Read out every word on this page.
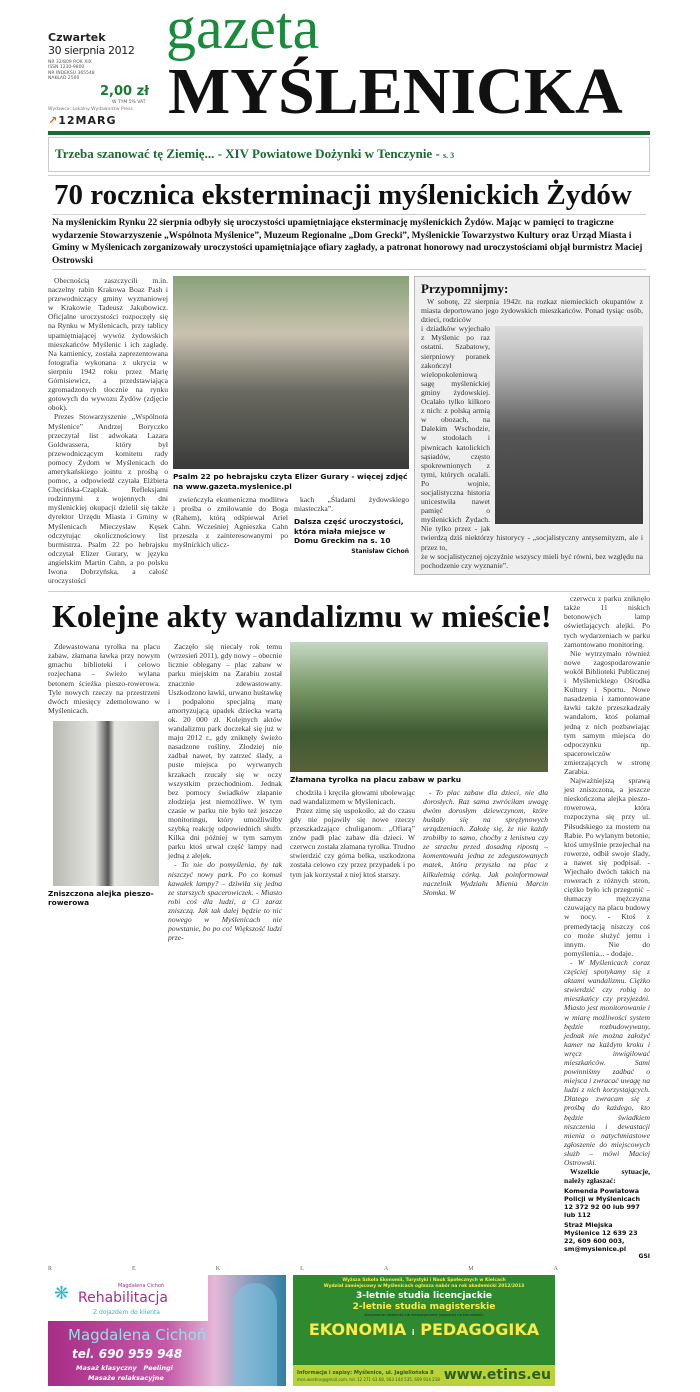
Czwartek
30 sierpnia 2012
NR 32/809 ROK XIX
ISSN 1230-9800
NR INDEKSU 365548
NAKŁAD 2500
2,00 zł
W TYM 5% VAT
Wydawca: Lokalny Wydawnictw Press
↗12MARG
gazeta
MYŚLENICKA
Trzeba szanować tę Ziemię... - XIV Powiatowe Dożynki w Tenczynie - s. 3
70 rocznica eksterminacji myślenickich Żydów
Na myślenickim Rynku 22 sierpnia odbyły się uroczystości upamiętniające eksterminację myślenickich Żydów. Mając w pamięci to tragiczne wydarzenie Stowarzyszenie „Wspólnota Myślenice”, Muzeum Regionalne „Dom Grecki”, Myślenickie Towarzystwo Kultury oraz Urząd Miasta i Gminy w Myślenicach zorganizowały uroczystości upamiętniające ofiary zagłady, a patronat honorowy nad uroczystościami objął burmistrz Maciej Ostrowski

Obecnością zaszczycili m.in. naczelny rabin Krakowa Boaz Pash i przewodniczący gminy wyznaniowej w Krakowie Tadeusz Jakubowicz. Oficjalne uroczystości rozpoczęły się na Rynku w Myślenicach, przy tablicy upamiętniającej wywóz żydowskich mieszkańców Myślenic i ich zagładę. Na kamienicy, została zaprezentowana fotografia wykonana z ukrycia w sierpniu 1942 roku przez Marię Górnisiewicz, a przedstawiająca zgromadzonych tłocznie na rynku gotowych do wywozu Żydów (zdjęcie obok).

Prezes Stowarzyszenie „Wspólnota Myślenice” Andrzej Boryczko przeczytał list adwokata Lazara Goldwassera, który był przewodniczącym komitetu rady pomocy Żydom w Myślenicach do amerykańskiego jointu z prośbą o pomoc, a odpowiedź czytała Elżbieta Chęcińska-Czaplak. Refleksjami rodzinnymi z wojennych dni myślenickiej okupacji dzielił się także dyrektor Urzędu Miasta i Gminy w Myślenicach Mieczysław Kęsek odczytując okolicznościowy list burmistrza. Psalm 22 po hebrajsku odczytał Elizer Gurary, w języku angielskim Martin Cahn, a po polsku Iwona Dobrzyńska, a całość uroczystości

Psalm 22 po hebrajsku czyta Elizer Gurary - więcej zdjęć na www.gazeta.myslenice.pl

zwieńczyła ekumeniczna modlitwa i prośba o zmiłowanie do Boga (Rahem), którą odśpiewał Ariel Cahn. Wcześniej Agnieszka Cahn przeszła z zainteresowanymi po myślnickich ulicz-

kach „Śladami żydowskiego miasteczka”.

Dalsza część uroczystości, która miała miejsce w Domu Greckim na s. 10

Stanisław Cichoń

Przypomnijmy:

W sobotę, 22 sierpnia 1942r. na rozkaz niemieckich okupantów z miasta deportowano jego żydowskich mieszkańców. Ponad tysiąc osób, dzieci, rodziców

i dziadków wyjechało z Myślenic po raz ostatni. Szabatowy, sierpniowy poranek zakończył wielopokoleniową sagę myślenickiej gminy żydowskiej. Ocalało tylko kilkoro z nich: z polską armią w obozach, na Dalekim Wschodzie, w stodołach i piwnicach katolickich sąsiadów, często spokrewnionych z tymi, których ocalali. Po wojnie, socjalistyczna historia unicestwiła nawet pamięć o myślenickich Żydach. Nie tylko przez - jak twierdzą dziś niektórzy historycy - „socjalistyczny antysemityzm, ale i przez to,

że w socjalistycznej ojczyźnie wszyscy mieli być równi, bez względu na pochodzenie czy wyznanie”.

Kolejne akty wandalizmu w mieście!

Zdewastowana tyrolka na placu zabaw, złamana ławka przy nowym gmachu biblioteki i celowo rozjechana - świeżo wylana betonem ścieżka pieszo-rowerowa. Tyle nowych rzeczy na przestrzeni dwóch miesięcy zdemolowano w Myślenicach.

Zniszczona alejka pieszo-rowerowa

Zaczęło się niecały rok temu (wrzesień 2011), gdy nowy – obecnie licznie oblegany – plac zabaw w parku miejskim na Zarabiu został znacznie zdewastowany. Uszkodzono ławki, urwano huśtawkę i podpalono specjalną matę amortyzującą upadek dziecka wartą ok. 20 000 zł. Kolejnych aktów wandalizmu park doczekał się już w maju 2012 r., gdy zniknęły świeżo nasadzone rośliny. Złodziej nie zadbał nawet, by zatrzeć ślady, a puste miejsca po wyrwanych krzakach rzucały się w oczy wszystkim przechodniom. Jednak bez pomocy świadków złapanie złodzieja jest niemożliwe. W tym czasie w parku nie było też jeszcze monitoringu, który umożliwiłby szybką reakcję odpowiednich służb. Kilka dni później w tym samym parku ktoś urwał część lampy nad jedną z alejek.

- To nie do pomyślenia, by tak niszczyć nowy park. Po co komuś kawałek lampy? – dziwiła się jedna ze starszych spacerowiczek. - Miasto robi coś dla ludzi, a Ci zaraz zniszczą. Jak tak dalej będzie to nic nowego w Myślenicach nie powstanie, bo po co! Większość ludzi prze-

Złamana tyrolka na placu zabaw w parku

chodziła i kręciła głowami ubolewając nad wandalizmem w Myślenicach.

Przez zimę się uspokoiło, aż do czasu gdy nie pojawiły się nowe rzeczy przeszkadzające chuliganom. „Ofiarą” znów padł plac zabaw dla dzieci. W czerwcu została złamana tyrolka. Trudno stwierdzić czy górna belka, uszkodzona została celowo czy przez przypadek i po tym jak korzystał z niej ktoś starszy.

- To plac zabaw dla dzieci, nie dla dorosłych. Raz sama zwróciłam uwagę dwóm dorosłym dziewczynom, które huśtały się na sprężynowych urządzeniach. Założę się, że nie każdy zrobiłby to samo, choćby z lenistwa czy ze strachu przed dosadną ripostą – komentowała jedna ze zdegustowanych matek, która przyszła na plac z kilkuletnią córką. Jak poinformował naczelnik Wydziału Mienia Marcin Słomka. W

czerwcu z parku zniknęło także 11 niskich betonowych lamp oświetlających alejki. Po tych wydarzeniach w parku zamontowano monitoring.

Nie wytrzymało również nowe zagospodarowanie wokół Biblioteki Publicznej i Myślenickiego Ośrodka Kultury i Sportu. Nowe nasadzenia i zamontowane ławki także przeszkadzały wandalom, ktoś połamał jedną z nich pozbawiając tym samym miejsca do odpoczynku np. spacerowiczów zmierzających w stronę Zarabia.

Najważniejszą sprawą jest zniszczona, a jeszcze nieskończona alejka pieszo-rowerowa, która rozpoczyna się przy ul. Piłsudskiego za mostem na Rabie. Po wylanym betonie, ktoś umyślnie przejechał na rowerze, odbił swoje ślady, a nawet się podpisał. - Wjechało dwóch takich na rowerach z różnych stron, ciężko było ich przegonić – tłumaczy mężczyzna czuwający na placu budowy w nocy. - Ktoś z premedytacją niszczy coś co może służyć jemu i innym. Nie do pomyślenia... - dodaje.

- W Myślenicach coraz częściej spotykamy się z aktami wandalizmu. Ciężko stwierdzić czy robią to mieszkańcy czy przyjezdni. Miasto jest monitorowanie i w miarę możliwości system będzie rozbudowywany, jednak nie można założyć kamer na każdym kroku i wręcz inwigilować mieszkańców. Sami powinniśmy zadbać o miejsca i zwracać uwagę na ludzi z nich korzystających. Dlatego zwracam się z prośbą do każdego, kto będzie świadkiem niszczenia i dewastacji mienia o natychmiastowe zgłoszenie do miejscowych służb – mówi Maciej Ostrowski.

Wszelkie sytuacje, należy zgłaszać:

Komenda Powiatowa Policji w Myślenicach 12 372 92 00 lub 997 lub 112

Straż Miejska Myślenice 12 639 23 22, 609 600 003, sm@myslenice.pl

GSI

R	E	K	L	A	M	A
❋	Magdalena Cichoń
Rehabilitacja
Z dojazdem do klienta
Magdalena Cichoń
tel. 690 959 948
Masaż klasyczny   Peelingi
Masaże relaksacyjne
Wyższa Szkoła Ekonomii, Turystyki i Nauk Społecznych w Kielcach
Wydział zamiejscowy w Myślenicach ogłasza nabór na rok akademicki 2012/2013
3-letnie studia licencjackie
2-letnie studia magisterskie
stacjonarne (dzienne) lub niestacjonarne (zaoczne) na kierunkach:
EKONOMIA i PEDAGOGIKA
Informacja i zapisy: Myślenice, ul. Jagiellońska 8
mce.wsetins@gmail.com, tel. 12 271 63 68, 663 144 535, 609 914 218 www.etins.eu
